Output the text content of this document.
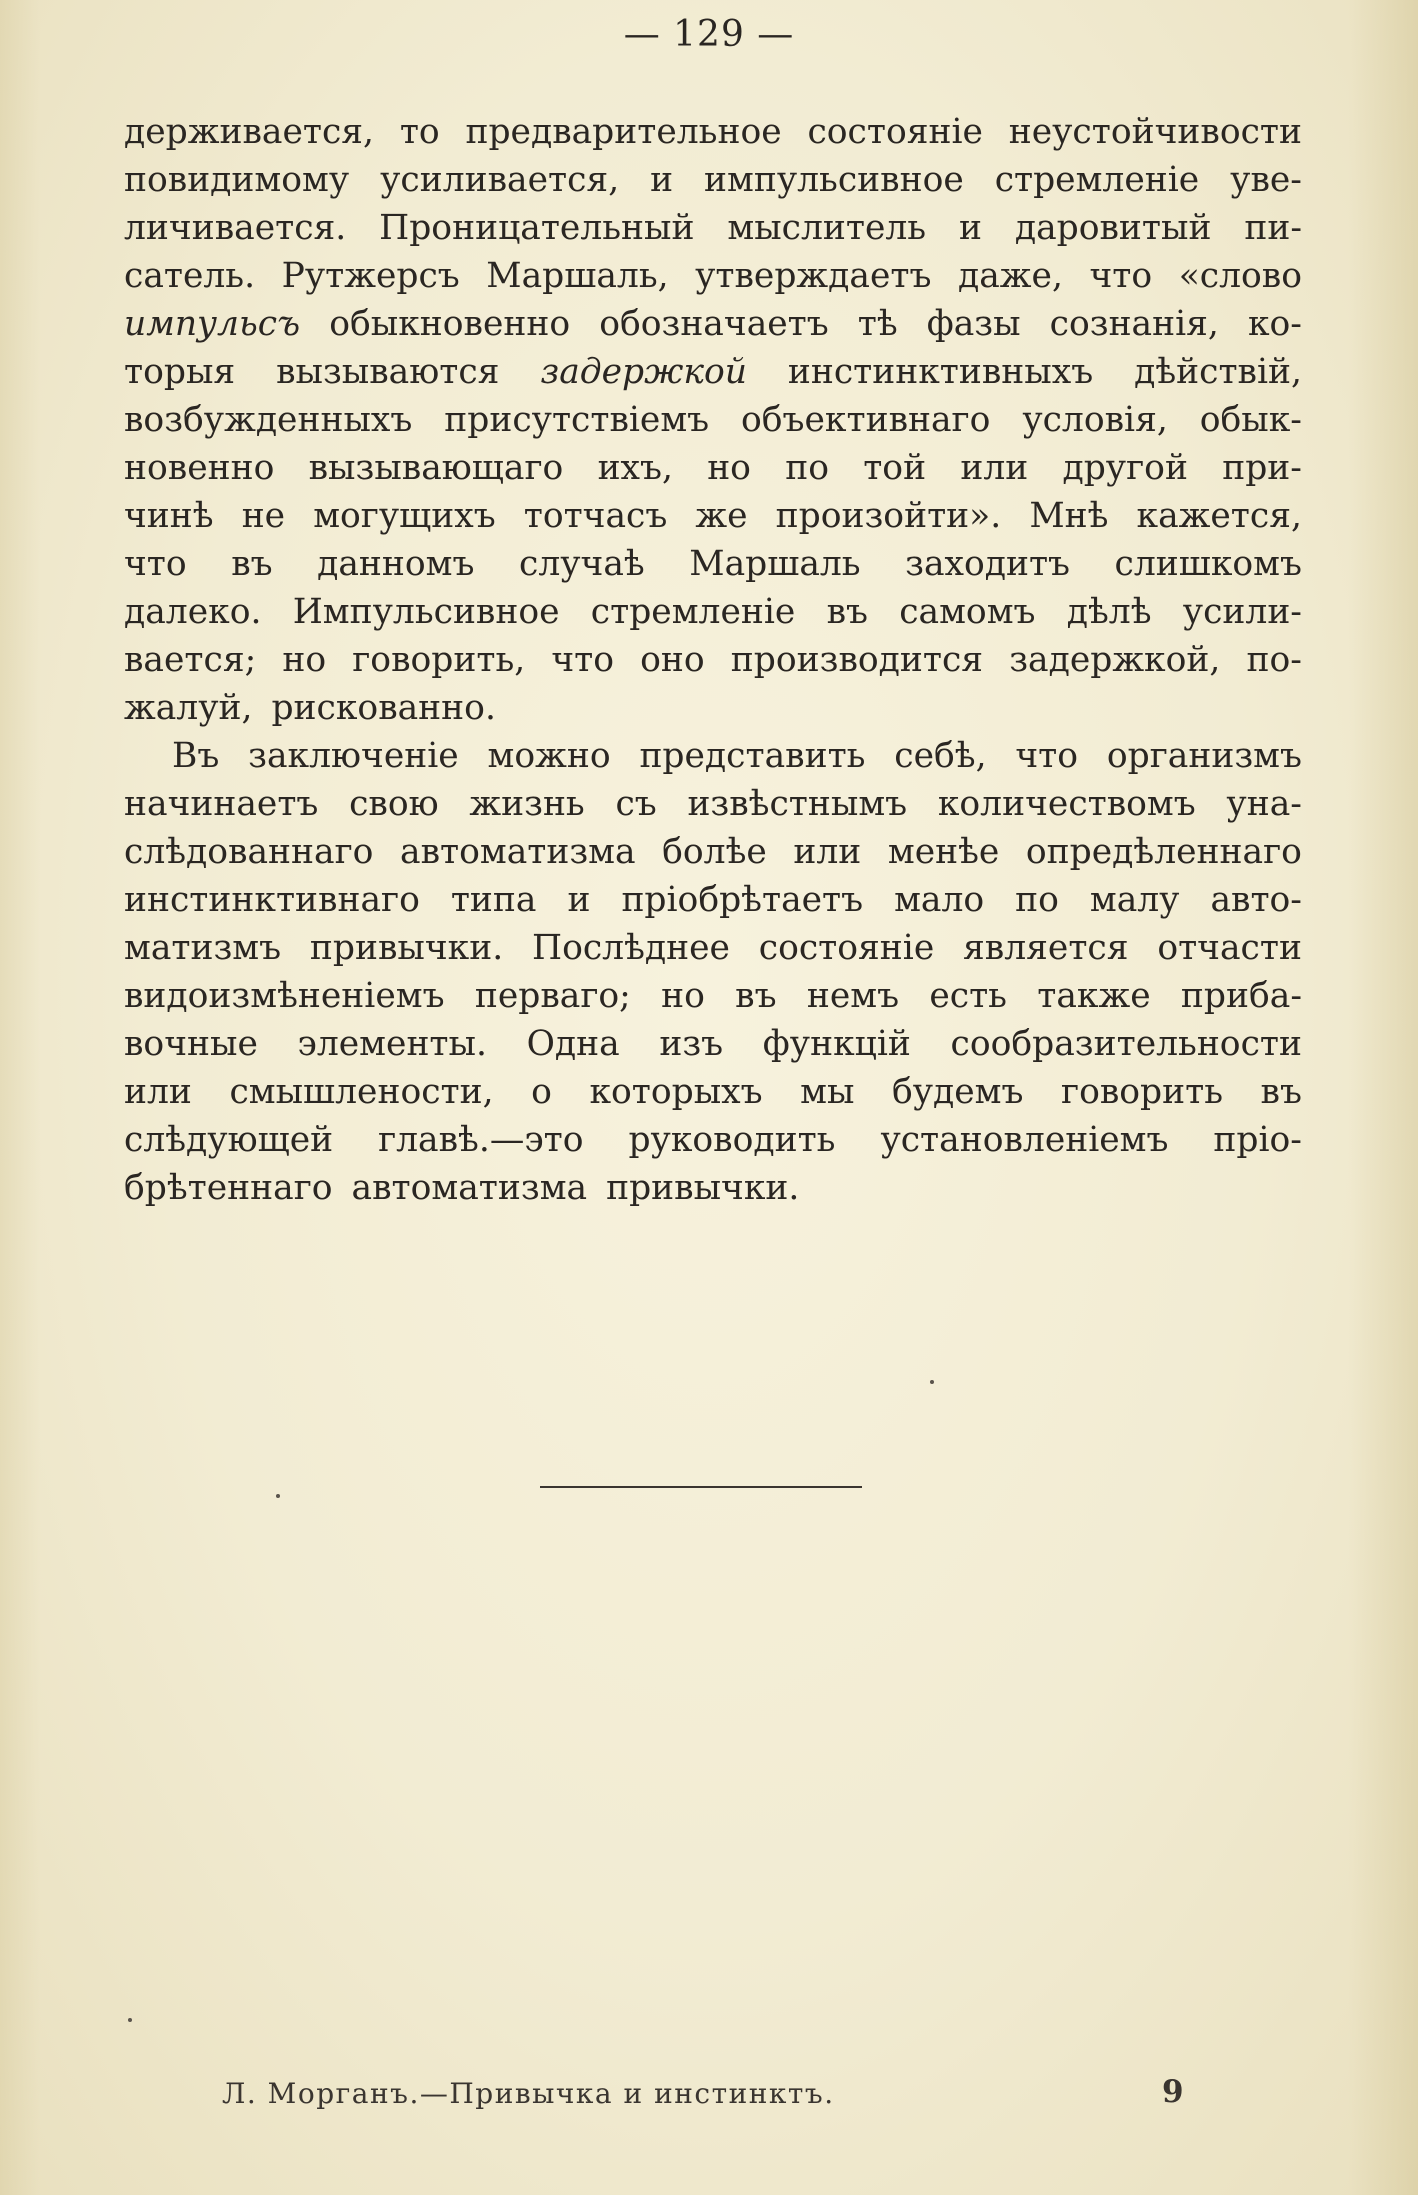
— 129 —
держивается, то предварительное состояніе неустойчивости
повидимому усиливается, и импульсивное стремленіе уве-
личивается. Проницательный мыслитель и даровитый пи-
сатель. Рутжерсъ Маршаль, утверждаетъ даже, что «слово
импульсъ обыкновенно обозначаетъ тѣ фазы сознанія, ко-
торыя вызываются задержкой инстинктивныхъ дѣйствій,
возбужденныхъ присутствіемъ объективнаго условія, обык-
новенно вызывающаго ихъ, но по той или другой при-
чинѣ не могущихъ тотчасъ же произойти». Мнѣ кажется,
что въ данномъ случаѣ Маршаль заходитъ слишкомъ
далеко. Импульсивное стремленіе въ самомъ дѣлѣ усили-
вается; но говорить, что оно производится задержкой, по-
жалуй, рискованно.
Въ заключеніе можно представить себѣ, что организмъ
начинаетъ свою жизнь съ извѣстнымъ количествомъ уна-
слѣдованнаго автоматизма болѣе или менѣе опредѣленнаго
инстинктивнаго типа и пріобрѣтаетъ мало по малу авто-
матизмъ привычки. Послѣднее состояніе является отчасти
видоизмѣненіемъ перваго; но въ немъ есть также приба-
вочные элементы. Одна изъ функцій сообразительности
или смышлености, о которыхъ мы будемъ говорить въ
слѣдующей главѣ.—это руководить установленіемъ пріо-
брѣтеннаго автоматизма привычки.
Л. Морганъ.—Привычка и инстинктъ.	9
